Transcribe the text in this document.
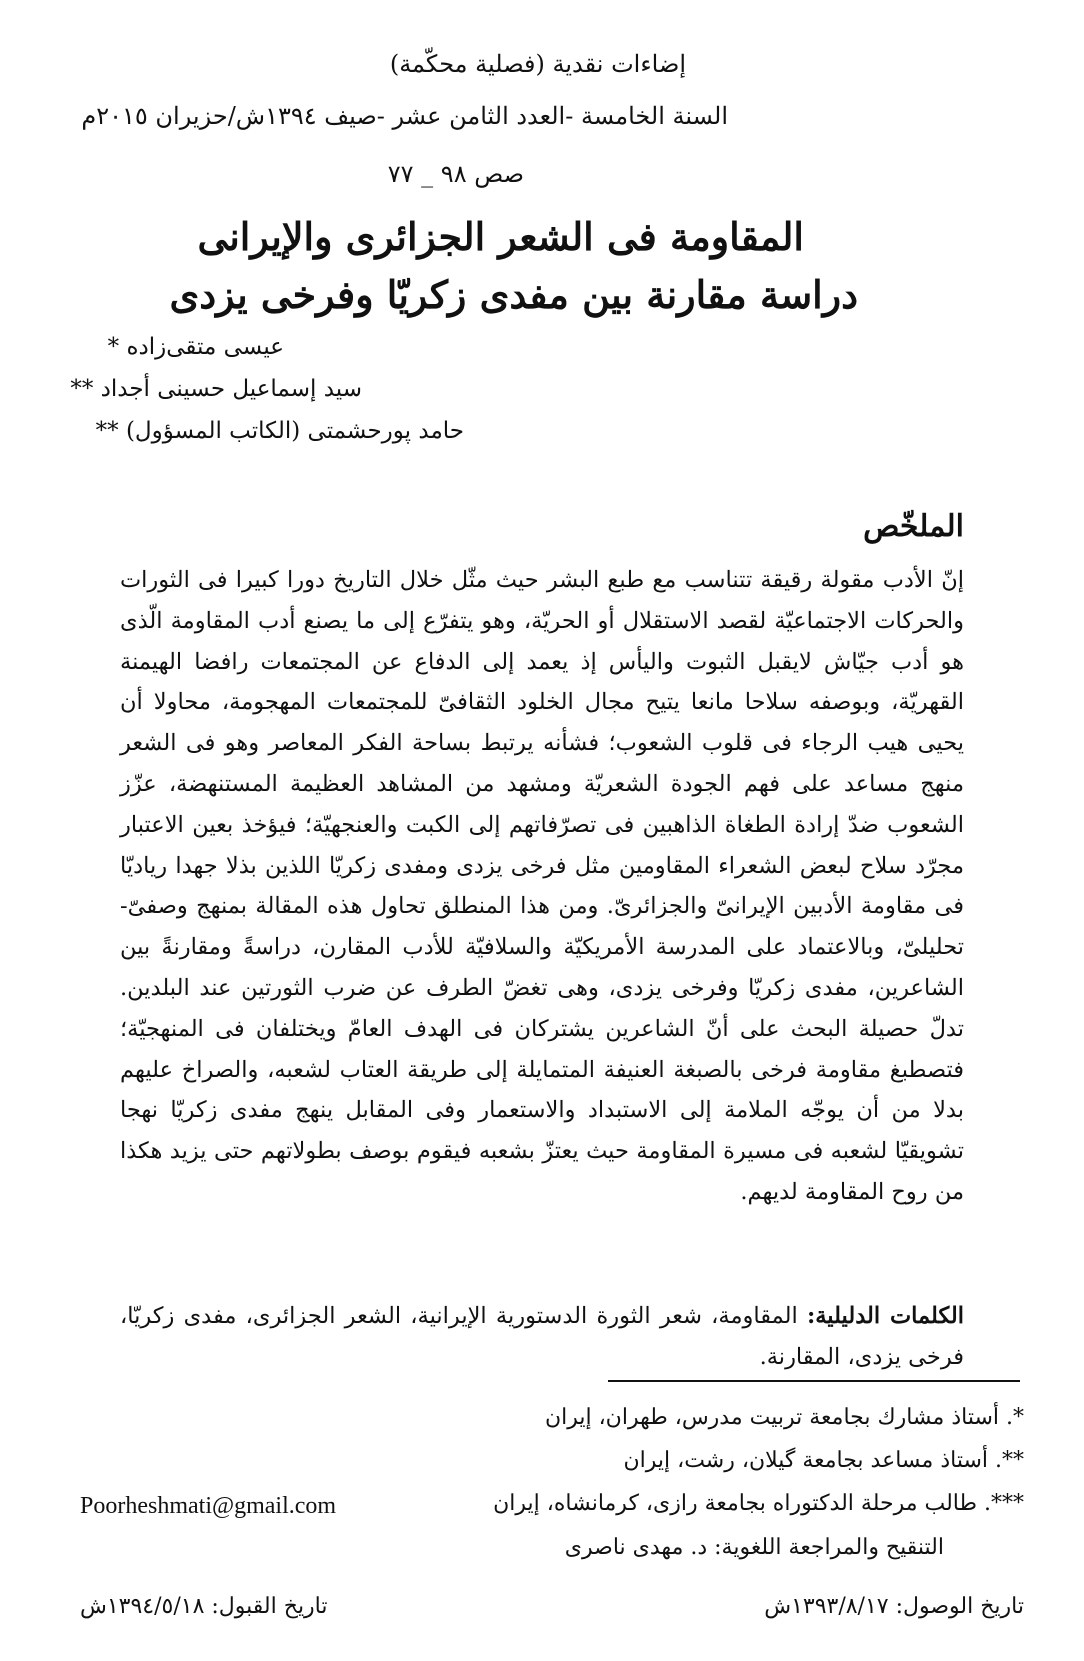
إضاءات نقدية (فصلية محكّمة)

السنة الخامسة -العدد الثامن عشر -صيف ١٣٩٤ش/حزيران ٢٠١٥م

صص ٩٨ _ ٧٧

المقاومة فى الشعر الجزائرى والإيرانى
دراسة مقارنة بين مفدى زكريّا وفرخى يزدى

عيسى متقى‌زاده *

سيد إسماعيل حسينى أجداد **

حامد پورحشمتى (الكاتب المسؤول) **

الملخّص

إنّ الأدب مقولة رقيقة تتناسب مع طبع البشر حيث مثّل خلال التاريخ دورا كبيرا فى الثورات والحركات الاجتماعيّة لقصد الاستقلال أو الحريّة، وهو يتفرّع إلى ما يصنع أدب المقاومة الّذى هو أدب جيّاش لايقبل الثبوت واليأس إذ يعمد إلى الدفاع عن المجتمعات رافضا الهيمنة القهريّة، وبوصفه سلاحا مانعا يتيح مجال الخلود الثقافىّ للمجتمعات المهجومة، محاولا أن يحيى هيب الرجاء فى قلوب الشعوب؛ فشأنه يرتبط بساحة الفكر المعاصر وهو فى الشعر منهج مساعد على فهم الجودة الشعريّة ومشهد من المشاهد العظيمة المستنهضة، عزّز الشعوب ضدّ إرادة الطغاة الذاهبين فى تصرّفاتهم إلى الكبت والعنجهيّة؛ فيؤخذ بعين الاعتبار مجرّد سلاح لبعض الشعراء المقاومين مثل فرخى يزدى ومفدى زكريّا اللذين بذلا جهدا رياديّا فى مقاومة الأدبين الإيرانىّ والجزائرىّ. ومن هذا المنطلق تحاول هذه المقالة بمنهج وصفىّ- تحليلىّ، وبالاعتماد على المدرسة الأمريكيّة والسلافيّة للأدب المقارن، دراسةً ومقارنةً بين الشاعرين، مفدى زكريّا وفرخى يزدى، وهى تغضّ الطرف عن ضرب الثورتين عند البلدين. تدلّ حصيلة البحث على أنّ الشاعرين يشتركان فى الهدف العامّ ويختلفان فى المنهجيّة؛ فتصطبغ مقاومة فرخى بالصبغة العنيفة المتمايلة إلى طريقة العتاب لشعبه، والصراخ عليهم بدلا من أن يوجّه الملامة إلى الاستبداد والاستعمار وفى المقابل ينهج مفدى زكريّا نهجا تشويقيّا لشعبه فى مسيرة المقاومة حيث يعتزّ بشعبه فيقوم بوصف بطولاتهم حتى يزيد هكذا من روح المقاومة لديهم.

الكلمات الدليلية: المقاومة، شعر الثورة الدستورية الإيرانية، الشعر الجزائرى، مفدى زكريّا، فرخى يزدى، المقارنة.

*. أستاذ مشارك بجامعة تربيت مدرس، طهران، إيران

**. أستاذ مساعد بجامعة گيلان، رشت، إيران

***. طالب مرحلة الدكتوراه بجامعة رازى، كرمانشاه، إيران

التنقيح والمراجعة اللغوية: د. مهدى ناصرى

Poorheshmati@gmail.com

تاريخ الوصول: ١٣٩٣/٨/١٧ش

تاريخ القبول: ١٣٩٤/٥/١٨ش
